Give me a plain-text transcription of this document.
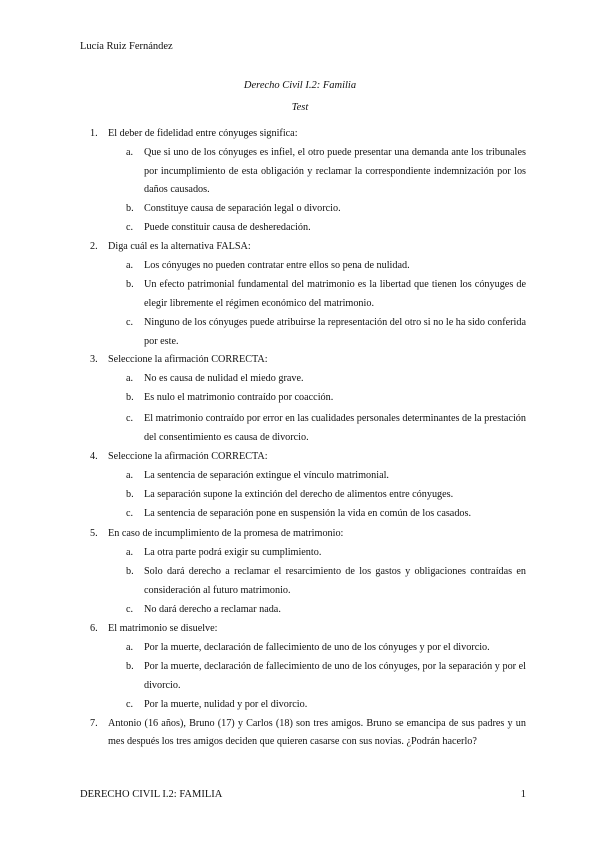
Lucía Ruiz Fernández
Derecho Civil I.2: Familia
Test
1. El deber de fidelidad entre cónyuges significa:
a. Que si uno de los cónyuges es infiel, el otro puede presentar una demanda ante los tribunales por incumplimiento de esta obligación y reclamar la correspondiente indemnización por los daños causados.
b. Constituye causa de separación legal o divorcio.
c. Puede constituir causa de desheredación.
2. Diga cuál es la alternativa FALSA:
a. Los cónyuges no pueden contratar entre ellos so pena de nulidad.
b. Un efecto patrimonial fundamental del matrimonio es la libertad que tienen los cónyuges de elegir libremente el régimen económico del matrimonio.
c. Ninguno de los cónyuges puede atribuirse la representación del otro si no le ha sido conferida por este.
3. Seleccione la afirmación CORRECTA:
a. No es causa de nulidad el miedo grave.
b. Es nulo el matrimonio contraído por coacción.
c. El matrimonio contraído por error en las cualidades personales determinantes de la prestación del consentimiento es causa de divorcio.
4. Seleccione la afirmación CORRECTA:
a. La sentencia de separación extingue el vínculo matrimonial.
b. La separación supone la extinción del derecho de alimentos entre cónyuges.
c. La sentencia de separación pone en suspensión la vida en común de los casados.
5. En caso de incumplimiento de la promesa de matrimonio:
a. La otra parte podrá exigir su cumplimiento.
b. Solo dará derecho a reclamar el resarcimiento de los gastos y obligaciones contraídas en consideración al futuro matrimonio.
c. No dará derecho a reclamar nada.
6. El matrimonio se disuelve:
a. Por la muerte, declaración de fallecimiento de uno de los cónyuges y por el divorcio.
b. Por la muerte, declaración de fallecimiento de uno de los cónyuges, por la separación y por el divorcio.
c. Por la muerte, nulidad y por el divorcio.
7. Antonio (16 años), Bruno (17) y Carlos (18) son tres amigos. Bruno se emancipa de sus padres y un mes después los tres amigos deciden que quieren casarse con sus novias. ¿Podrán hacerlo?
DERECHO CIVIL I.2: FAMILIA	1
